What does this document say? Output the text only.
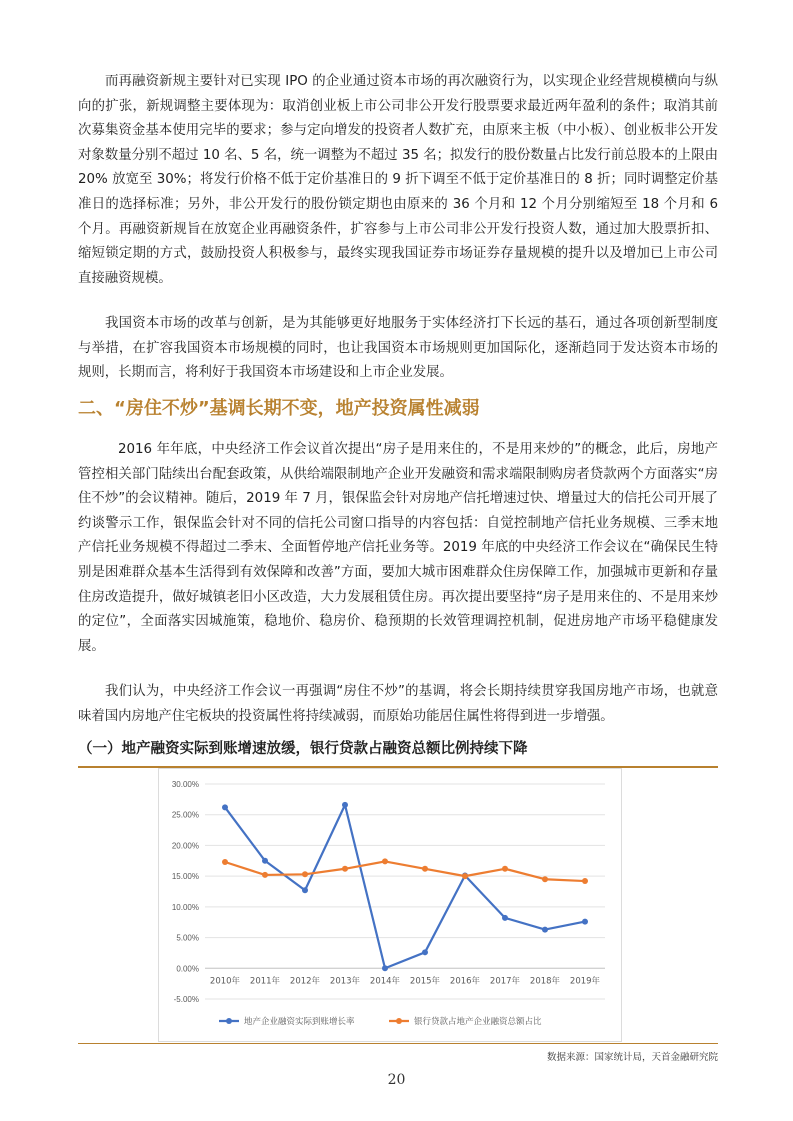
而再融资新规主要针对已实现 IPO 的企业通过资本市场的再次融资行为，以实现企业经营规模横向与纵向的扩张，新规调整主要体现为：取消创业板上市公司非公开发行股票要求最近两年盈利的条件；取消其前次募集资金基本使用完毕的要求；参与定向增发的投资者人数扩充，由原来主板（中小板）、创业板非公开发对象数量分别不超过 10 名、5 名，统一调整为不超过 35 名；拟发行的股份数量占比发行前总股本的上限由 20% 放宽至 30%；将发行价格不低于定价基准日的 9 折下调至不低于定价基准日的 8 折；同时调整定价基准日的选择标准；另外，非公开发行的股份锁定期也由原来的 36 个月和 12 个月分别缩短至 18 个月和 6 个月。再融资新规旨在放宽企业再融资条件，扩容参与上市公司非公开发行投资人数，通过加大股票折扣、缩短锁定期的方式，鼓励投资人积极参与，最终实现我国证券市场证券存量规模的提升以及增加已上市公司直接融资规模。

我国资本市场的改革与创新，是为其能够更好地服务于实体经济打下长远的基石，通过各项创新型制度与举措，在扩容我国资本市场规模的同时，也让我国资本市场规则更加国际化，逐渐趋同于发达资本市场的规则，长期而言，将利好于我国资本市场建设和上市企业发展。

二、“房住不炒”基调长期不变，地产投资属性减弱

2016 年年底，中央经济工作会议首次提出“房子是用来住的，不是用来炒的”的概念，此后，房地产管控相关部门陆续出台配套政策，从供给端限制地产企业开发融资和需求端限制购房者贷款两个方面落实“房住不炒”的会议精神。随后，2019 年 7 月，银保监会针对房地产信托增速过快、增量过大的信托公司开展了约谈警示工作，银保监会针对不同的信托公司窗口指导的内容包括：自觉控制地产信托业务规模、三季末地产信托业务规模不得超过二季末、全面暂停地产信托业务等。2019 年底的中央经济工作会议在“确保民生特别是困难群众基本生活得到有效保障和改善”方面，要加大城市困难群众住房保障工作，加强城市更新和存量住房改造提升，做好城镇老旧小区改造，大力发展租赁住房。再次提出要坚持“房子是用来住的、不是用来炒的定位”，全面落实因城施策，稳地价、稳房价、稳预期的长效管理调控机制，促进房地产市场平稳健康发展。

我们认为，中央经济工作会议一再强调“房住不炒”的基调，将会长期持续贯穿我国房地产市场，也就意味着国内房地产住宅板块的投资属性将持续减弱，而原始功能居住属性将得到进一步增强。

（一）地产融资实际到账增速放缓，银行贷款占融资总额比例持续下降
-5.00%
0.00%
5.00%
10.00%
15.00%
20.00%
25.00%
30.00%
2010年 2011年 2012年 2013年 2014年 2015年 2016年 2017年 2018年 2019年
地产企业融资实际到账增长率	银行贷款占地产企业融资总额占比
数据来源：国家统计局，天首金融研究院
20
